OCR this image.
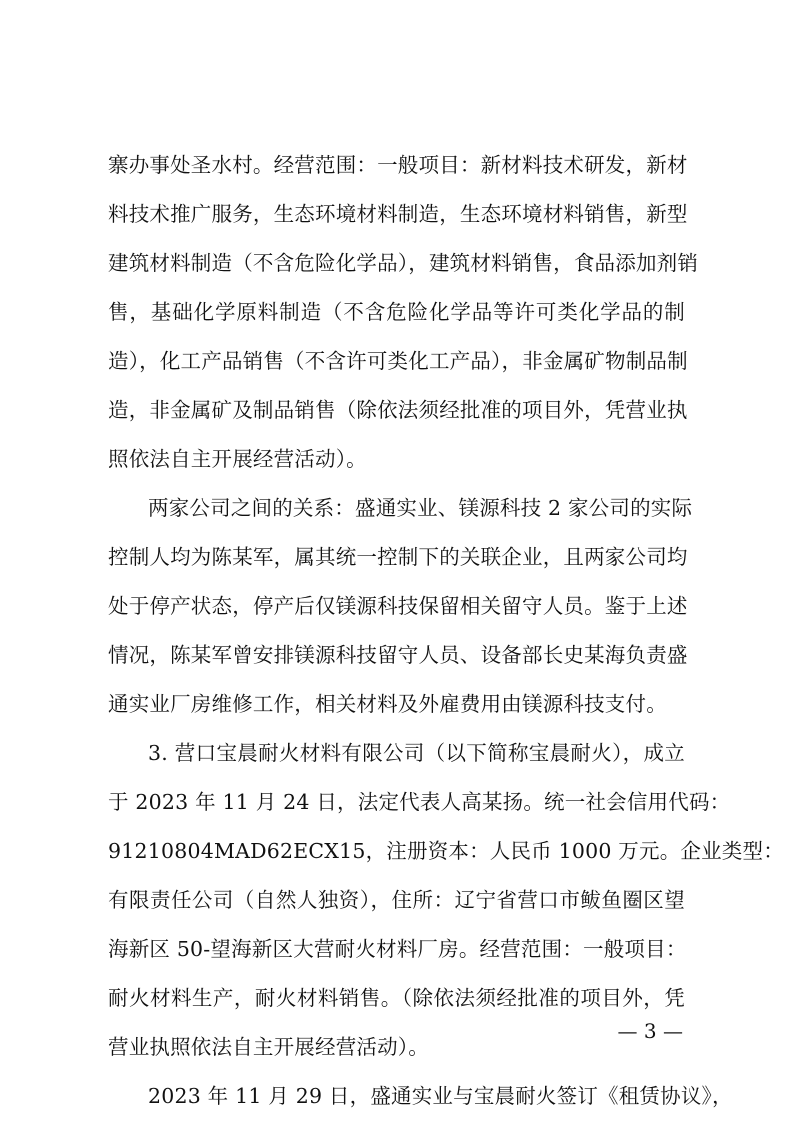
寨办事处圣水村。经营范围：一般项目：新材料技术研发，新材
料技术推广服务，生态环境材料制造，生态环境材料销售，新型
建筑材料制造（不含危险化学品），建筑材料销售，食品添加剂销
售，基础化学原料制造（不含危险化学品等许可类化学品的制
造），化工产品销售（不含许可类化工产品），非金属矿物制品制
造，非金属矿及制品销售（除依法须经批准的项目外，凭营业执
照依法自主开展经营活动）。
两家公司之间的关系：盛通实业、镁源科技 2 家公司的实际
控制人均为陈某军，属其统一控制下的关联企业，且两家公司均
处于停产状态，停产后仅镁源科技保留相关留守人员。鉴于上述
情况，陈某军曾安排镁源科技留守人员、设备部长史某海负责盛
通实业厂房维修工作，相关材料及外雇费用由镁源科技支付。
3. 营口宝晨耐火材料有限公司（以下简称宝晨耐火），成立
于 2023 年 11 月 24 日，法定代表人高某扬。统一社会信用代码：
91210804MAD62ECX15，注册资本：人民币 1000 万元。企业类型：
有限责任公司（自然人独资），住所：辽宁省营口市鲅鱼圈区望
海新区 50-望海新区大营耐火材料厂房。经营范围：一般项目：
耐火材料生产，耐火材料销售。（除依法须经批准的项目外，凭
营业执照依法自主开展经营活动）。
2023 年 11 月 29 日，盛通实业与宝晨耐火签订《租赁协议》，
— 3 —
